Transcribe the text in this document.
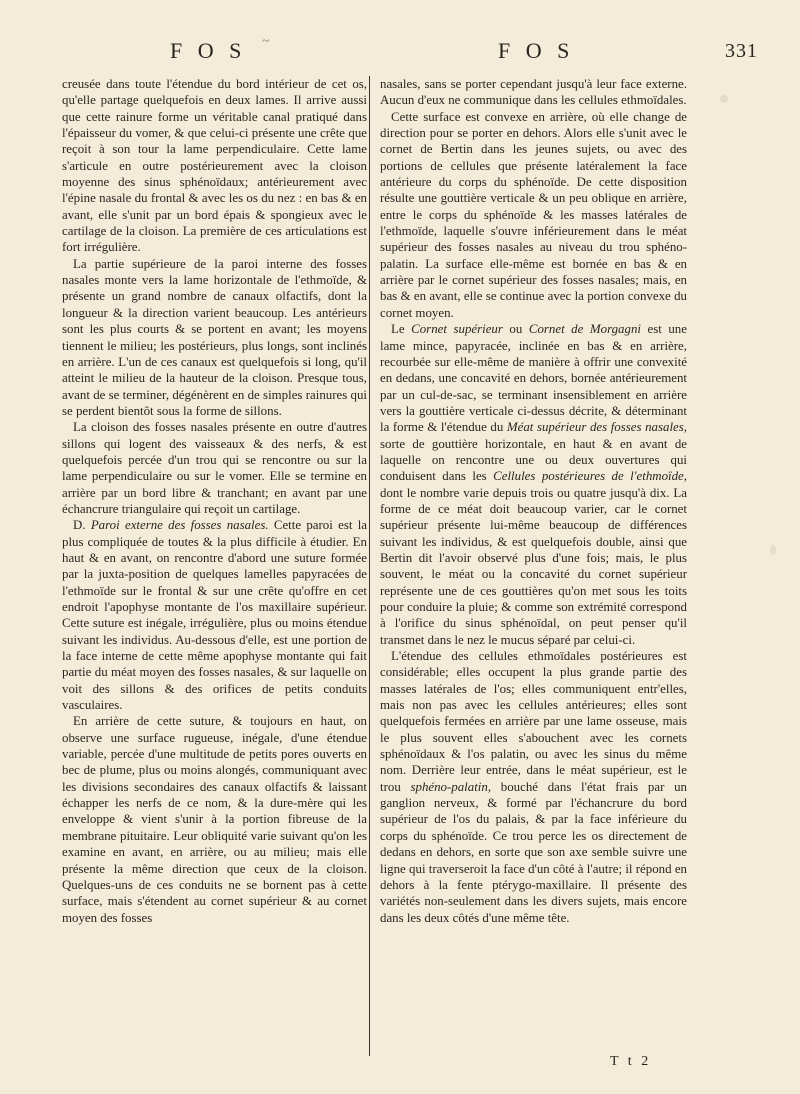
F O S ~	F O S	331

creusée dans toute l'étendue du bord intérieur de cet os, qu'elle partage quelquefois en deux lames. Il arrive aussi que cette rainure forme un véritable canal pratiqué dans l'épaisseur du vomer, & que celui-ci présente une crête que reçoit à son tour la lame perpendiculaire. Cette lame s'articule en outre postérieurement avec la cloison moyenne des sinus sphénoïdaux; antérieurement avec l'épine nasale du frontal & avec les os du nez : en bas & en avant, elle s'unit par un bord épais & spongieux avec le cartilage de la cloison. La première de ces articulations est fort irrégulière.

La partie supérieure de la paroi interne des fosses nasales monte vers la lame horizontale de l'ethmoïde, & présente un grand nombre de canaux olfactifs, dont la longueur & la direction varient beaucoup. Les antérieurs sont les plus courts & se portent en avant; les moyens tiennent le milieu; les postérieurs, plus longs, sont inclinés en arrière. L'un de ces canaux est quelquefois si long, qu'il atteint le milieu de la hauteur de la cloison. Presque tous, avant de se terminer, dégénèrent en de simples rainures qui se perdent bientôt sous la forme de sillons.

La cloison des fosses nasales présente en outre d'autres sillons qui logent des vaisseaux & des nerfs, & est quelquefois percée d'un trou qui se rencontre ou sur la lame perpendiculaire ou sur le vomer. Elle se termine en arrière par un bord libre & tranchant; en avant par une échancrure triangulaire qui reçoit un cartilage.

D. Paroi externe des fosses nasales. Cette paroi est la plus compliquée de toutes & la plus difficile à étudier. En haut & en avant, on rencontre d'abord une suture formée par la juxta-position de quelques lamelles papyracées de l'ethmoïde sur le frontal & sur une crête qu'offre en cet endroit l'apophyse montante de l'os maxillaire supérieur. Cette suture est inégale, irrégulière, plus ou moins étendue suivant les individus. Au-dessous d'elle, est une portion de la face interne de cette même apophyse montante qui fait partie du méat moyen des fosses nasales, & sur laquelle on voit des sillons & des orifices de petits conduits vasculaires.

En arrière de cette suture, & toujours en haut, on observe une surface rugueuse, inégale, d'une étendue variable, percée d'une multitude de petits pores ouverts en bec de plume, plus ou moins alongés, communiquant avec les divisions secondaires des canaux olfactifs & laissant échapper les nerfs de ce nom, & la dure-mère qui les enveloppe & vient s'unir à la portion fibreuse de la membrane pituitaire. Leur obliquité varie suivant qu'on les examine en avant, en arrière, ou au milieu; mais elle présente la même direction que ceux de la cloison. Quelques-uns de ces conduits ne se bornent pas à cette surface, mais s'étendent au cornet supérieur & au cornet moyen des fosses

nasales, sans se porter cependant jusqu'à leur face externe. Aucun d'eux ne communique dans les cellules ethmoïdales.

Cette surface est convexe en arrière, où elle change de direction pour se porter en dehors. Alors elle s'unit avec le cornet de Bertin dans les jeunes sujets, ou avec des portions de cellules que présente latéralement la face antérieure du corps du sphénoïde. De cette disposition résulte une gouttière verticale & un peu oblique en arrière, entre le corps du sphénoïde & les masses latérales de l'ethmoïde, laquelle s'ouvre inférieurement dans le méat supérieur des fosses nasales au niveau du trou sphéno-palatin. La surface elle-même est bornée en bas & en arrière par le cornet supérieur des fosses nasales; mais, en bas & en avant, elle se continue avec la portion convexe du cornet moyen.

Le Cornet supérieur ou Cornet de Morgagni est une lame mince, papyracée, inclinée en bas & en arrière, recourbée sur elle-même de manière à offrir une convexité en dedans, une concavité en dehors, bornée antérieurement par un cul-de-sac, se terminant insensiblement en arrière vers la gouttière verticale ci-dessus décrite, & déterminant la forme & l'étendue du Méat supérieur des fosses nasales, sorte de gouttière horizontale, en haut & en avant de laquelle on rencontre une ou deux ouvertures qui conduisent dans les Cellules postérieures de l'ethmoïde, dont le nombre varie depuis trois ou quatre jusqu'à dix. La forme de ce méat doit beaucoup varier, car le cornet supérieur présente lui-même beaucoup de différences suivant les individus, & est quelquefois double, ainsi que Bertin dit l'avoir observé plus d'une fois; mais, le plus souvent, le méat ou la concavité du cornet supérieur représente une de ces gouttières qu'on met sous les toits pour conduire la pluie; & comme son extrémité correspond à l'orifice du sinus sphénoïdal, on peut penser qu'il transmet dans le nez le mucus séparé par celui-ci.

L'étendue des cellules ethmoïdales postérieures est considérable; elles occupent la plus grande partie des masses latérales de l'os; elles communiquent entr'elles, mais non pas avec les cellules antérieures; elles sont quelquefois fermées en arrière par une lame osseuse, mais le plus souvent elles s'abouchent avec les cornets sphénoïdaux & l'os palatin, ou avec les sinus du même nom. Derrière leur entrée, dans le méat supérieur, est le trou sphéno-palatin, bouché dans l'état frais par un ganglion nerveux, & formé par l'échancrure du bord supérieur de l'os du palais, & par la face inférieure du corps du sphénoïde. Ce trou perce les os directement de dedans en dehors, en sorte que son axe semble suivre une ligne qui traverseroit la face d'un côté à l'autre; il répond en dehors à la fente ptérygo-maxillaire. Il présente des variétés non-seulement dans les divers sujets, mais encore dans les deux côtés d'une même tête.

T t 2
